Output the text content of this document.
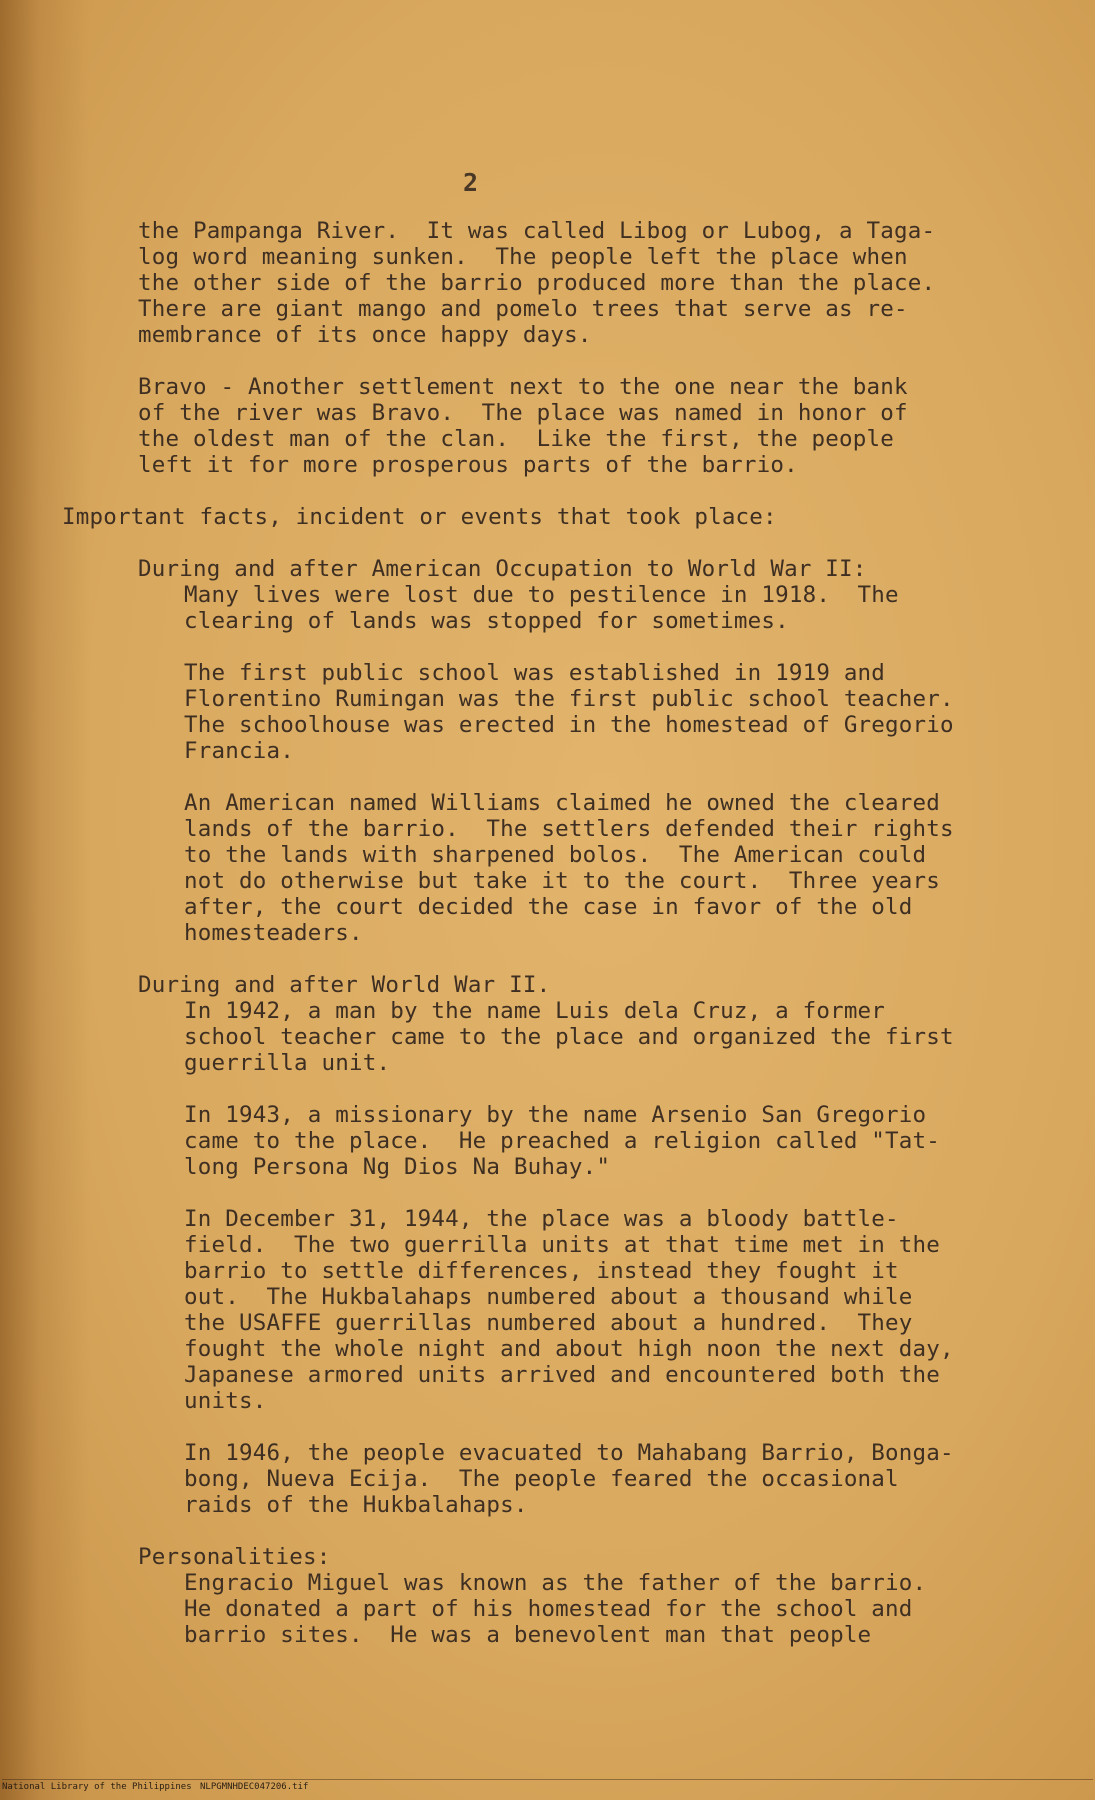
2
the Pampanga River.  It was called Libog or Lubog, a Taga-
log word meaning sunken.  The people left the place when
the other side of the barrio produced more than the place.
There are giant mango and pomelo trees that serve as re-
membrance of its once happy days.
Bravo - Another settlement next to the one near the bank
of the river was Bravo.  The place was named in honor of
the oldest man of the clan.  Like the first, the people
left it for more prosperous parts of the barrio.
Important facts, incident or events that took place:
During and after American Occupation to World War II:
Many lives were lost due to pestilence in 1918.  The
clearing of lands was stopped for sometimes.
The first public school was established in 1919 and
Florentino Rumingan was the first public school teacher.
The schoolhouse was erected in the homestead of Gregorio
Francia.
An American named Williams claimed he owned the cleared
lands of the barrio.  The settlers defended their rights
to the lands with sharpened bolos.  The American could
not do otherwise but take it to the court.  Three years
after, the court decided the case in favor of the old
homesteaders.
During and after World War II.
In 1942, a man by the name Luis dela Cruz, a former
school teacher came to the place and organized the first
guerrilla unit.
In 1943, a missionary by the name Arsenio San Gregorio
came to the place.  He preached a religion called "Tat-
long Persona Ng Dios Na Buhay."
In December 31, 1944, the place was a bloody battle-
field.  The two guerrilla units at that time met in the
barrio to settle differences, instead they fought it
out.  The Hukbalahaps numbered about a thousand while
the USAFFE guerrillas numbered about a hundred.  They
fought the whole night and about high noon the next day,
Japanese armored units arrived and encountered both the
units.
In 1946, the people evacuated to Mahabang Barrio, Bonga-
bong, Nueva Ecija.  The people feared the occasional
raids of the Hukbalahaps.
Personalities:
Engracio Miguel was known as the father of the barrio.
He donated a part of his homestead for the school and
barrio sites.  He was a benevolent man that people
National Library of the Philippines NLPGMNHDEC047206.tif
